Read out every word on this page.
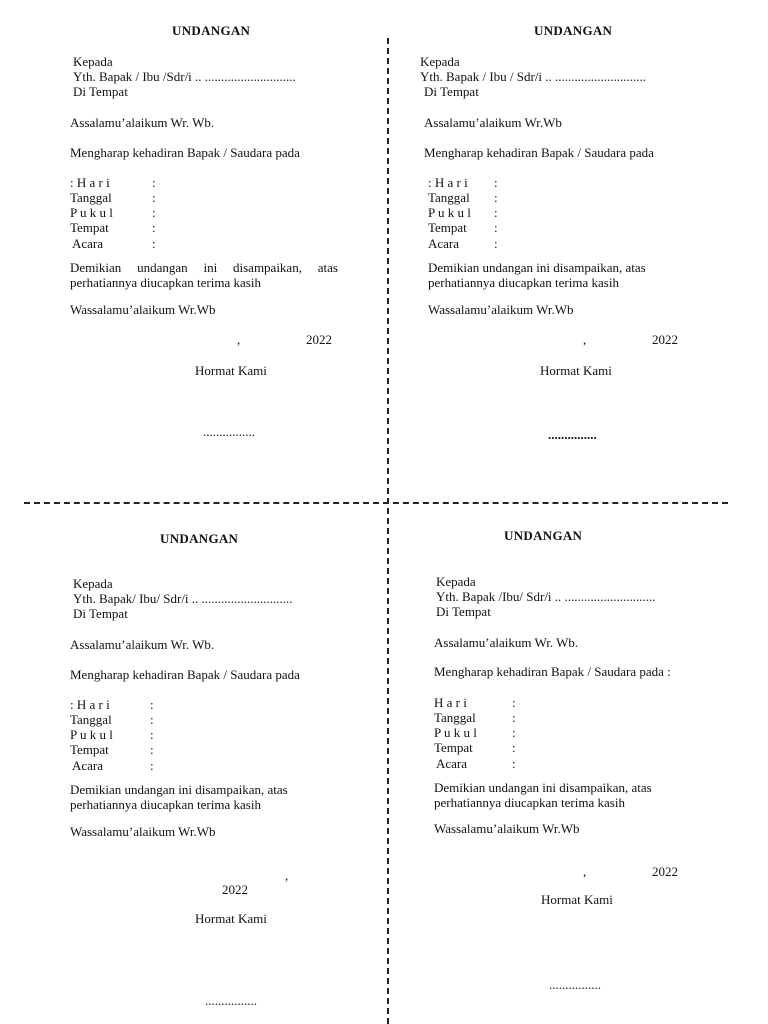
UNDANGAN
Kepada
Yth. Bapak / Ibu /Sdr/i .. ............................
Di Tempat
Assalamu’alaikum Wr. Wb.
Mengharap kehadiran Bapak / Saudara pada
: H a r i	:
Tanggal	:
P u k u l	:
Tempat	:
Acara	:
Demikian undangan ini disampaikan, atas
perhatiannya diucapkan terima kasih
Wassalamu’alaikum Wr.Wb
,	2022
Hormat Kami
................
UNDANGAN
Kepada
Yth. Bapak / Ibu / Sdr/i .. ............................
Di Tempat
Assalamu’alaikum Wr.Wb
Mengharap kehadiran Bapak / Saudara pada
: H a r i :
Tanggal :
P u k u l :
Tempat :
Acara	:
Demikian undangan ini disampaikan, atas
perhatiannya diucapkan terima kasih
Wassalamu’alaikum Wr.Wb
,	2022
Hormat Kami
...............
UNDANGAN
Kepada
Yth. Bapak/ Ibu/ Sdr/i .. ............................
Di Tempat
Assalamu’alaikum Wr. Wb.
Mengharap kehadiran Bapak / Saudara pada
: H a r i	:
Tanggal	:
P u k u l	:
Tempat	:
Acara	:
Demikian undangan ini disampaikan, atas
perhatiannya diucapkan terima kasih
Wassalamu’alaikum Wr.Wb
,
2022
Hormat Kami
................
UNDANGAN
Kepada
Yth. Bapak /Ibu/ Sdr/i .. ............................
Di Tempat
Assalamu’alaikum Wr. Wb.
Mengharap kehadiran Bapak / Saudara pada :
H a r i	:
Tanggal	:
P u k u l	:
Tempat	:
Acara	:
Demikian undangan ini disampaikan, atas
perhatiannya diucapkan terima kasih
Wassalamu’alaikum Wr.Wb
,	2022
Hormat Kami
................
